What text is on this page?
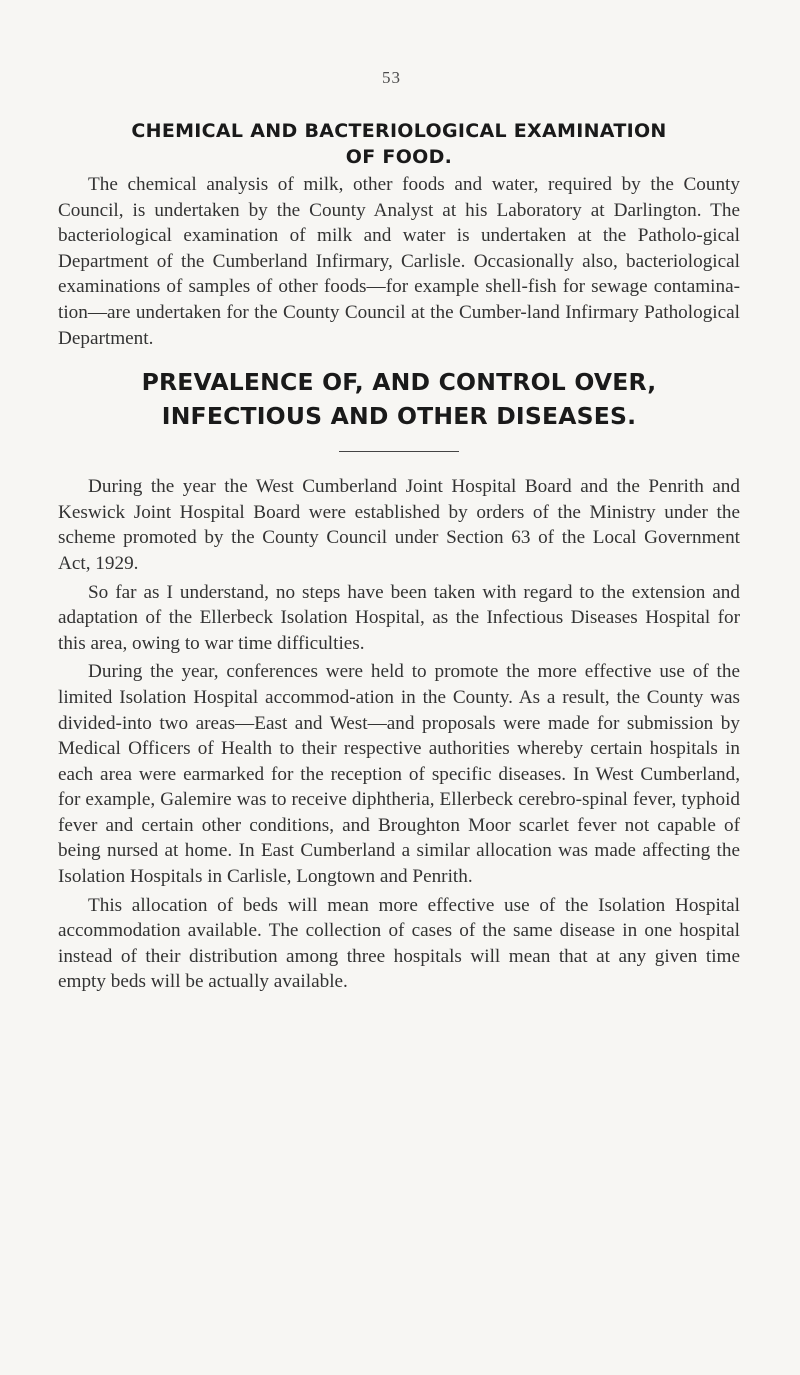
53
CHEMICAL AND BACTERIOLOGICAL EXAMINATION
OF FOOD.

The chemical analysis of milk, other foods and water, required by the County Council, is undertaken by the County Analyst at his Laboratory at Darlington. The bacteriological examination of milk and water is undertaken at the Patholo-gical Department of the Cumberland Infirmary, Carlisle. Occasionally also, bacteriological examinations of samples of other foods—for example shell-fish for sewage contamina-tion—are undertaken for the County Council at the Cumber-land Infirmary Pathological Department.

PREVALENCE OF, AND CONTROL OVER,
INFECTIOUS AND OTHER DISEASES.

During the year the West Cumberland Joint Hospital Board and the Penrith and Keswick Joint Hospital Board were established by orders of the Ministry under the scheme promoted by the County Council under Section 63 of the Local Government Act, 1929.

So far as I understand, no steps have been taken with regard to the extension and adaptation of the Ellerbeck Isolation Hospital, as the Infectious Diseases Hospital for this area, owing to war time difficulties.

During the year, conferences were held to promote the more effective use of the limited Isolation Hospital accommod-ation in the County. As a result, the County was divided-into two areas—East and West—and proposals were made for submission by Medical Officers of Health to their respective authorities whereby certain hospitals in each area were earmarked for the reception of specific diseases. In West Cumberland, for example, Galemire was to receive diphtheria, Ellerbeck cerebro-spinal fever, typhoid fever and certain other conditions, and Broughton Moor scarlet fever not capable of being nursed at home. In East Cumberland a similar allocation was made affecting the Isolation Hospitals in Carlisle, Longtown and Penrith.

This allocation of beds will mean more effective use of the Isolation Hospital accommodation available. The collection of cases of the same disease in one hospital instead of their distribution among three hospitals will mean that at any given time empty beds will be actually available.
